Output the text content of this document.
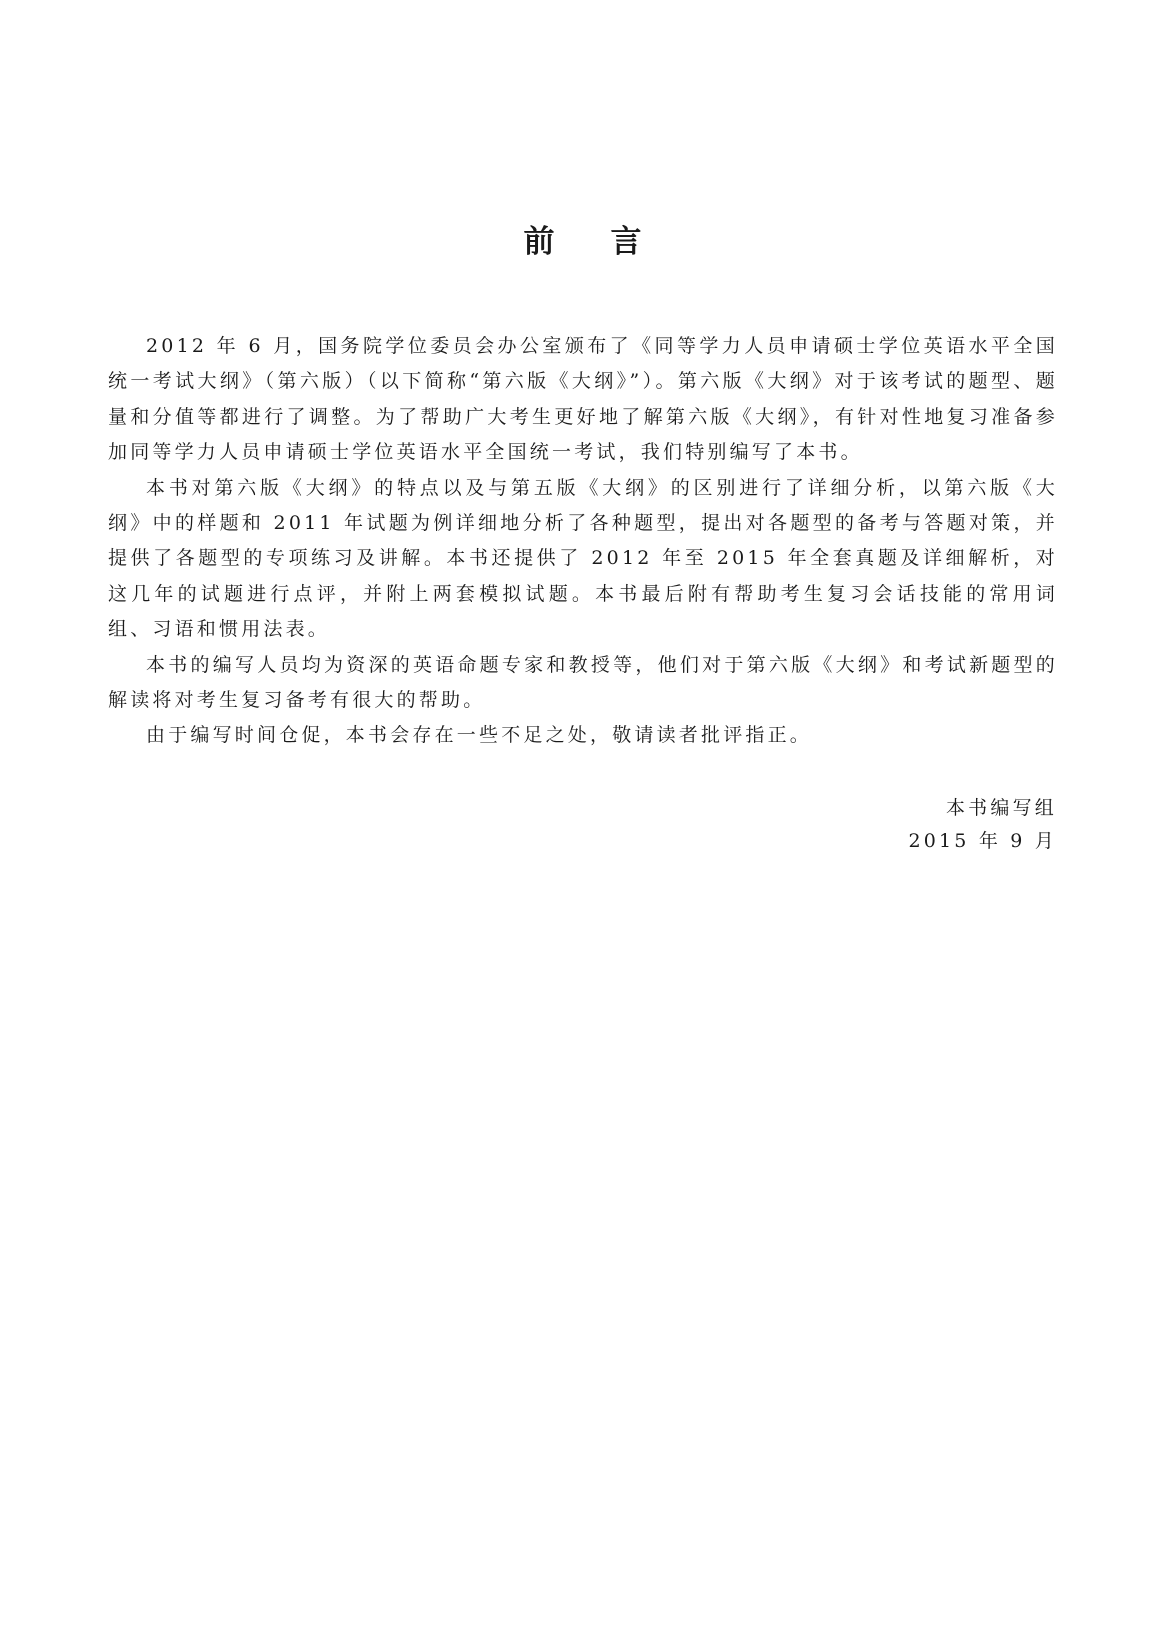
前言

2012 年 6 月，国务院学位委员会办公室颁布了《同等学力人员申请硕士学位英语水平全国统一考试大纲》（第六版）（以下简称“第六版《大纲》”）。第六版《大纲》对于该考试的题型、题量和分值等都进行了调整。为了帮助广大考生更好地了解第六版《大纲》，有针对性地复习准备参加同等学力人员申请硕士学位英语水平全国统一考试，我们特别编写了本书。

本书对第六版《大纲》的特点以及与第五版《大纲》的区别进行了详细分析，以第六版《大纲》中的样题和 2011 年试题为例详细地分析了各种题型，提出对各题型的备考与答题对策，并提供了各题型的专项练习及讲解。本书还提供了 2012 年至 2015 年全套真题及详细解析，对这几年的试题进行点评，并附上两套模拟试题。本书最后附有帮助考生复习会话技能的常用词组、习语和惯用法表。

本书的编写人员均为资深的英语命题专家和教授等，他们对于第六版《大纲》和考试新题型的解读将对考生复习备考有很大的帮助。

由于编写时间仓促，本书会存在一些不足之处，敬请读者批评指正。

本书编写组
2015 年 9 月
